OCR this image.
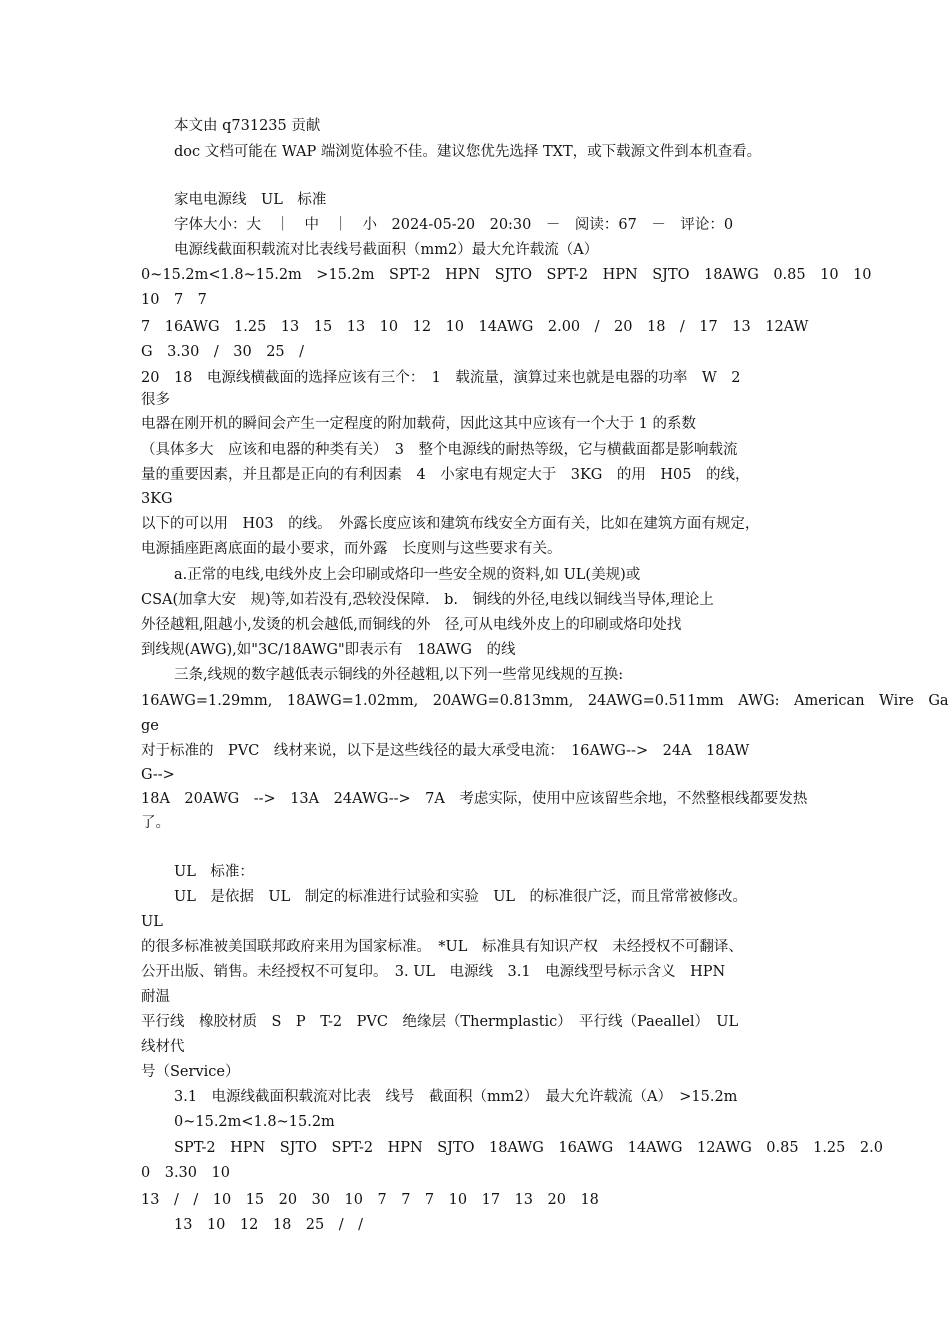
本文由 q731235 贡献
doc 文档可能在 WAP 端浏览体验不佳。建议您优先选择 TXT，或下载源文件到本机查看。
家电电源线　UL　标准
字体大小：大　｜　中　｜　小　2024-05-20　20:30　－　阅读：67　－　评论：0
电源线截面积载流对比表线号截面积（mm2）最大允许载流（A）
0~15.2m<1.8~15.2m　>15.2m　SPT-2　HPN　SJTO　SPT-2　HPN　SJTO　18AWG　0.85　10　10
10　7　7
7　16AWG　1.25　13　15　13　10　12　10　14AWG　2.00　/　20　18　/　17　13　12AW
G　3.30　/　30　25　/
20　18　电源线横截面的选择应该有三个：　1　载流量，演算过来也就是电器的功率　W　2
很多
电器在刚开机的瞬间会产生一定程度的附加载荷，因此这其中应该有一个大于 1 的系数
（具体多大　应该和电器的种类有关）　3　整个电源线的耐热等级，它与横截面都是影响载流
量的重要因素，并且都是正向的有利因素　4　小家电有规定大于　3KG　的用　H05　的线，
3KG
以下的可以用　H03　的线。　外露长度应该和建筑布线安全方面有关，比如在建筑方面有规定，
电源插座距离底面的最小要求，而外露　长度则与这些要求有关。
a.正常的电线,电线外皮上会印刷或烙印一些安全规的资料,如 UL(美规)或
CSA(加拿大安　规)等,如若没有,恐较没保障.　b.　铜线的外径,电线以铜线当导体,理论上
外径越粗,阻越小,发烫的机会越低,而铜线的外　径,可从电线外皮上的印刷或烙印处找
到线规(AWG),如"3C/18AWG"即表示有　18AWG　的线
三条,线规的数字越低表示铜线的外径越粗,以下列一些常见线规的互换:
16AWG=1.29mm,　18AWG=1.02mm,　20AWG=0.813mm,　24AWG=0.511mm　AWG:　American　Wire　Ga
ge
对于标准的　PVC　线材来说，以下是这些线径的最大承受电流：　16AWG-->　24A　18AW
G-->
18A　20AWG　-->　13A　24AWG-->　7A　考虑实际，使用中应该留些余地，不然整根线都要发热
了。
UL　标准：
UL　是依据　UL　制定的标准进行试验和实验　UL　的标准很广泛，而且常常被修改。
UL
的很多标准被美国联邦政府来用为国家标准。　*UL　标准具有知识产权　未经授权不可翻译、
公开出版、销售。未经授权不可复印。　3. UL　电源线　3.1　电源线型号标示含义　HPN
耐温
平行线　橡胶材质　S　P　T-2　PVC　绝缘层（Thermplastic）　平行线（Paeallel）　UL
线材代
号（Service）
3.1　电源线截面积载流对比表　线号　截面积（mm2）　最大允许载流（A）　>15.2m
0~15.2m<1.8~15.2m
SPT-2　HPN　SJTO　SPT-2　HPN　SJTO　18AWG　16AWG　14AWG　12AWG　0.85　1.25　2.0
0　3.30　10
13　/　/　10　15　20　30　10　7　7　7　10　17　13　20　18
13　10　12　18　25　/　/
